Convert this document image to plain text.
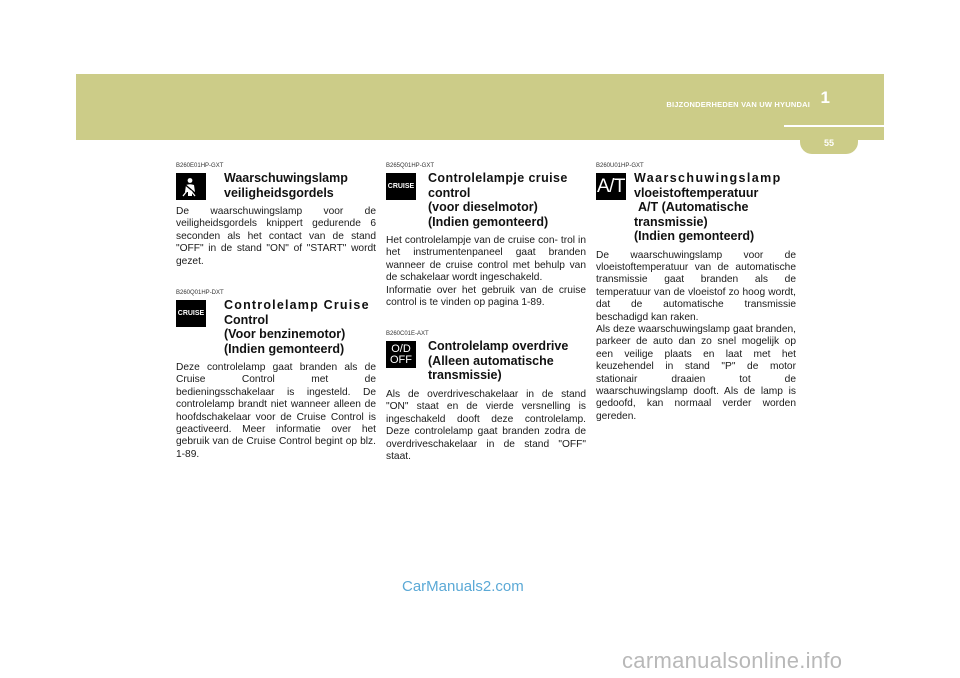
BIJZONDERHEDEN VAN UW HYUNDAI 1
55
B260E01HP-GXT
Waarschuwingslamp
veiligheidsgordels
De waarschuwingslamp voor de veiligheidsgordels knippert gedurende 6 seconden als het contact van de stand "OFF" in de stand "ON" of "START" wordt gezet.
B260Q01HP-DXT
CRUISE
Controlelamp Cruise
Control
(Voor benzinemotor)
(Indien gemonteerd)
Deze controlelamp gaat branden als de Cruise Control met de bedieningsschakelaar is ingesteld. De controlelamp brandt niet wanneer alleen de hoofdschakelaar voor de Cruise Control is geactiveerd. Meer informatie over het gebruik van de Cruise Control begint op blz. 1-89.
B265Q01HP-GXT
CRUISE
Controlelampje cruise
control
(voor dieselmotor)
(Indien gemonteerd)

Het controlelampje van de cruise con- trol in het instrumentenpaneel gaat branden wanneer de cruise control met behulp van de schakelaar wordt ingeschakeld.

Informatie over het gebruik van de cruise control is te vinden op pagina 1-89.

B260C01E-AXT
O/D
OFF
Controlelamp overdrive
(Alleen automatische
transmissie)
Als de overdriveschakelaar in de stand "ON" staat en de vierde versnelling is ingeschakeld dooft deze controlelamp. Deze controlelamp gaat branden zodra de overdriveschakelaar in de stand "OFF" staat.
B260U01HP-GXT
A/T Waarschuwingslamp
vloeistoftemperatuur
A/T (Automatische
transmissie)
(Indien gemonteerd)

De waarschuwingslamp voor de vloeistoftemperatuur van de automatische transmissie gaat branden als de temperatuur van de vloeistof zo hoog wordt, dat de automatische transmissie beschadigd kan raken.

Als deze waarschuwingslamp gaat branden, parkeer de auto dan zo snel mogelijk op een veilige plaats en laat met het keuzehendel in stand "P" de motor stationair draaien tot de waarschuwingslamp dooft. Als de lamp is gedoofd, kan normaal verder worden gereden.

CarManuals2.com
carmanualsonline.info
